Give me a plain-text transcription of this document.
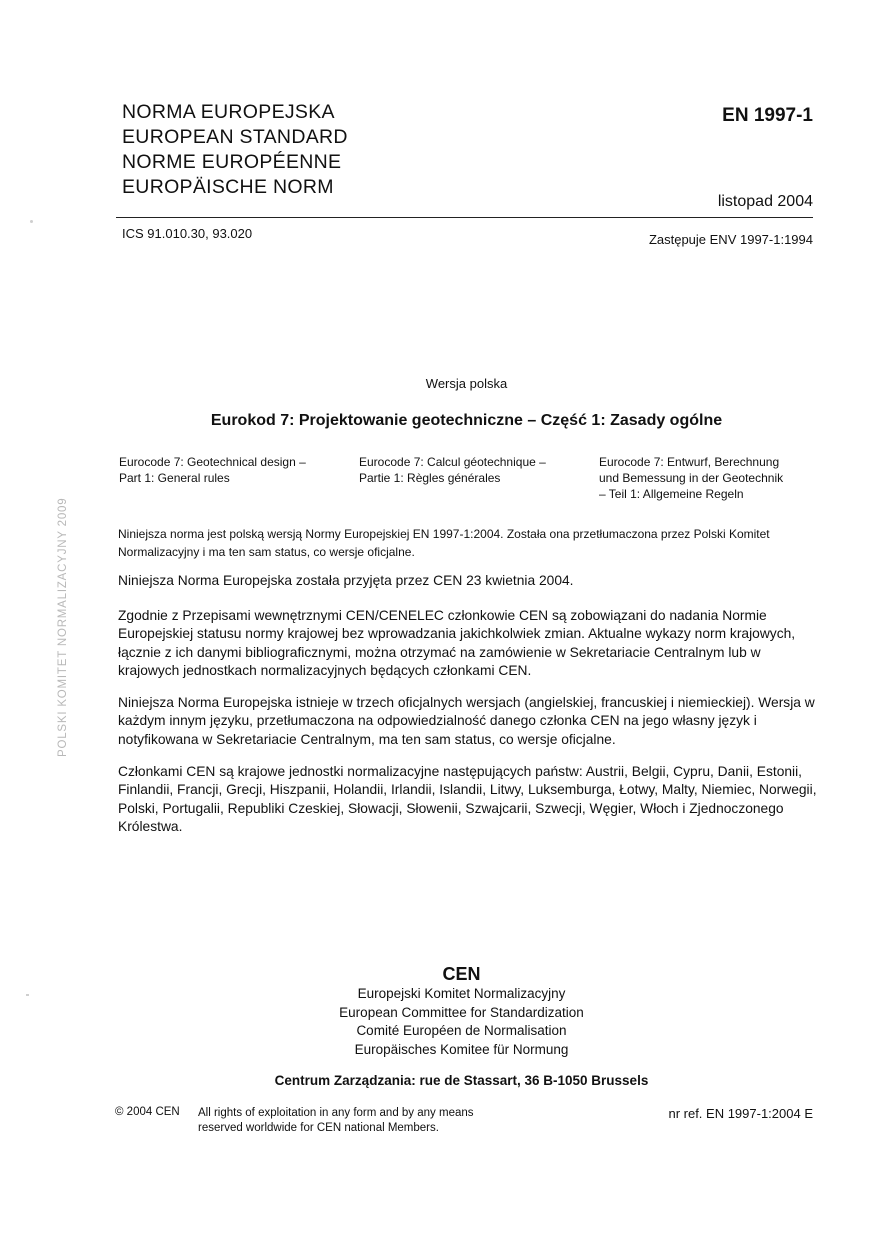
NORMA EUROPEJSKA
EUROPEAN STANDARD
NORME EUROPÉENNE
EUROPÄISCHE NORM
EN 1997-1
listopad 2004
ICS 91.010.30, 93.020	Zastępuje ENV 1997-1:1994
Wersja polska
Eurokod 7: Projektowanie geotechniczne – Część 1: Zasady ogólne
Eurocode 7: Geotechnical design –
Part 1: General rules
Eurocode 7: Calcul géotechnique –
Partie 1: Règles générales
Eurocode 7: Entwurf, Berechnung
und Bemessung in der Geotechnik
– Teil 1: Allgemeine Regeln
Niniejsza norma jest polską wersją Normy Europejskiej EN 1997-1:2004. Została ona przetłumaczona przez Polski Komitet Normalizacyjny i ma ten sam status, co wersje oficjalne.
Niniejsza Norma Europejska została przyjęta przez CEN 23 kwietnia 2004.
Zgodnie z Przepisami wewnętrznymi CEN/CENELEC członkowie CEN są zobowiązani do nadania Normie Europejskiej statusu normy krajowej bez wprowadzania jakichkolwiek zmian. Aktualne wykazy norm krajowych, łącznie z ich danymi bibliograficznymi, można otrzymać na zamówienie w Sekretariacie Centralnym lub w krajowych jednostkach normalizacyjnych będących członkami CEN.
Niniejsza Norma Europejska istnieje w trzech oficjalnych wersjach (angielskiej, francuskiej i niemieckiej). Wersja w każdym innym języku, przetłumaczona na odpowiedzialność danego członka CEN na jego własny język i notyfikowana w Sekretariacie Centralnym, ma ten sam status, co wersje oficjalne.
Członkami CEN są krajowe jednostki normalizacyjne następujących państw: Austrii, Belgii, Cypru, Danii, Estonii, Finlandii, Francji, Grecji, Hiszpanii, Holandii, Irlandii, Islandii, Litwy, Luksemburga, Łotwy, Malty, Niemiec, Norwegii, Polski, Portugalii, Republiki Czeskiej, Słowacji, Słowenii, Szwajcarii, Szwecji, Węgier, Włoch i Zjednoczonego Królestwa.
POLSKI KOMITET NORMALIZACYJNY 2009
CEN
Europejski Komitet Normalizacyjny
European Committee for Standardization
Comité Européen de Normalisation
Europäisches Komitee für Normung
Centrum Zarządzania: rue de Stassart, 36 B-1050 Brussels
© 2004 CEN All rights of exploitation in any form and by any means
reserved worldwide for CEN national Members.
nr ref. EN 1997-1:2004 E
